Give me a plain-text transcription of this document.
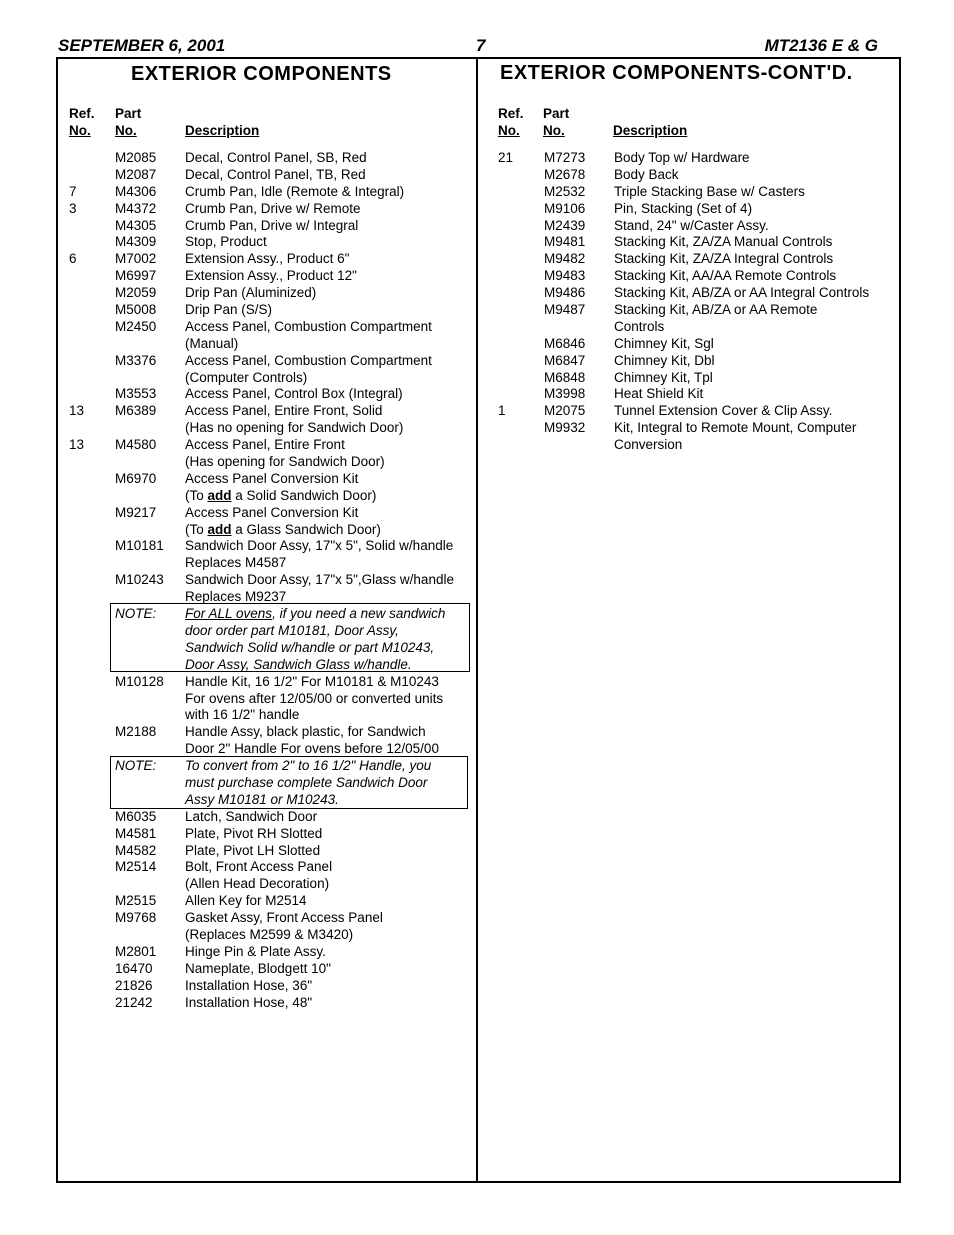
SEPTEMBER 6, 2001	7	MT2136 E & G
EXTERIOR COMPONENTS	EXTERIOR COMPONENTS-CONT'D.
Ref.
No.
Part
No.	Description
Ref.
No.
Part
No.	Description
M2085 Decal, Control Panel, SB, Red
M2087 Decal, Control Panel, TB, Red
7	M4306 Crumb Pan, Idle (Remote & Integral)
3	M4372 Crumb Pan, Drive w/ Remote
M4305 Crumb Pan, Drive w/ Integral
M4309 Stop, Product
6	M7002 Extension Assy., Product 6"
M6997 Extension Assy., Product 12"
M2059 Drip Pan (Aluminized)
M5008 Drip Pan (S/S)
M2450 Access Panel, Combustion Compartment
(Manual)
M3376 Access Panel, Combustion Compartment
(Computer Controls)
M3553 Access Panel, Control Box (Integral)
13 M6389 Access Panel, Entire Front, Solid
(Has no opening for Sandwich Door)
13 M4580 Access Panel, Entire Front
(Has opening for Sandwich Door)
M6970 Access Panel Conversion Kit
(To add a Solid Sandwich Door)
M9217 Access Panel Conversion Kit
(To add a Glass Sandwich Door)
M10181 Sandwich Door Assy, 17"x 5", Solid w/handle
Replaces M4587
M10243 Sandwich Door Assy, 17"x 5",Glass w/handle
Replaces M9237
NOTE: For ALL ovens, if you need a new sandwich
door order part M10181, Door Assy,
Sandwich Solid w/handle or part M10243,
Door Assy, Sandwich Glass w/handle.
M10128 Handle Kit, 16 1/2" For M10181 & M10243
For ovens after 12/05/00 or converted units
with 16 1/2" handle
M2188 Handle Assy, black plastic, for Sandwich
Door 2" Handle For ovens before 12/05/00
NOTE: To convert from 2" to 16 1/2" Handle, you
must purchase complete Sandwich Door
Assy M10181 or M10243.
M6035 Latch, Sandwich Door
M4581 Plate, Pivot RH Slotted
M4582 Plate, Pivot LH Slotted
M2514 Bolt, Front Access Panel
(Allen Head Decoration)
M2515 Allen Key for M2514
M9768 Gasket Assy, Front Access Panel
(Replaces M2599 & M3420)
M2801 Hinge Pin & Plate Assy.
16470 Nameplate, Blodgett 10"
21826 Installation Hose, 36"
21242 Installation Hose, 48"
21 M7273 Body Top w/ Hardware
M2678 Body Back
M2532 Triple Stacking Base w/ Casters
M9106 Pin, Stacking (Set of 4)
M2439 Stand, 24" w/Caster Assy.
M9481 Stacking Kit, ZA/ZA Manual Controls
M9482 Stacking Kit, ZA/ZA Integral Controls
M9483 Stacking Kit, AA/AA Remote Controls
M9486 Stacking Kit, AB/ZA or AA Integral Controls
M9487 Stacking Kit, AB/ZA or AA Remote
Controls
M6846 Chimney Kit, Sgl
M6847 Chimney Kit, Dbl
M6848 Chimney Kit, Tpl
M3998 Heat Shield Kit
1	M2075 Tunnel Extension Cover & Clip Assy.
M9932 Kit, Integral to Remote Mount, Computer
Conversion
